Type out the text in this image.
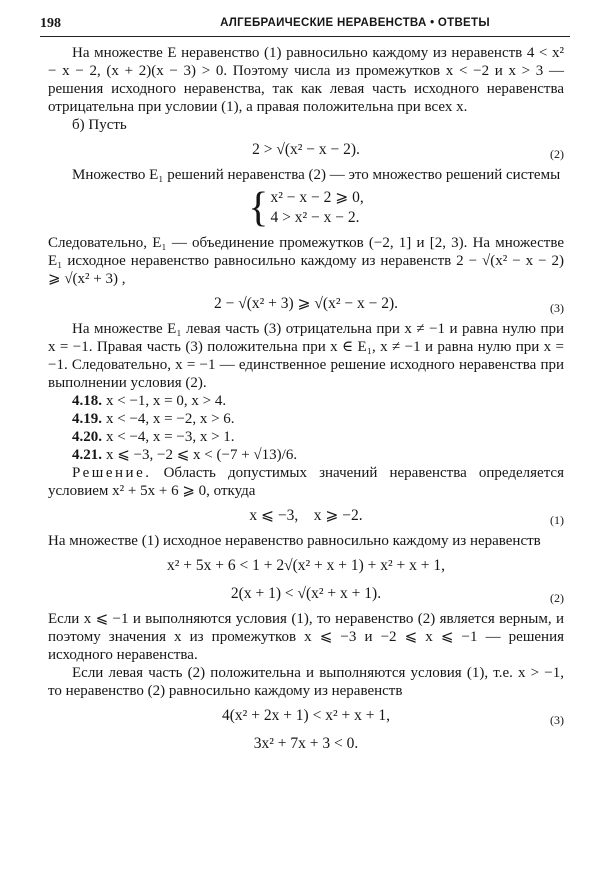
198	АЛГЕБРАИЧЕСКИЕ НЕРАВЕНСТВА • ОТВЕТЫ

На множестве E неравенство (1) равносильно каждому из неравенств 4 < x² − x − 2, (x + 2)(x − 3) > 0. Поэтому числа из промежутков x < −2 и x > 3 — решения исходного неравенства, так как левая часть исходного неравенства отрицательна при условии (1), а правая положительна при всех x.

б) Пусть

2 > √(x² − x − 2).	(2)

Множество E₁ решений неравенства (2) — это множество решений системы

{ x² − x − 2 ⩾ 0,
4 > x² − x − 2.

Следовательно, E₁ — объединение промежутков (−2, 1] и [2, 3). На множестве E₁ исходное неравенство равносильно каждому из неравенств 2 − √(x² − x − 2) ⩾ √(x² + 3) ,

2 − √(x² + 3) ⩾ √(x² − x − 2).	(3)

На множестве E₁ левая часть (3) отрицательна при x ≠ −1 и равна нулю при x = −1. Правая часть (3) положительна при x ∈ E₁, x ≠ −1 и равна нулю при x = −1. Следовательно, x = −1 — единственное решение исходного неравенства при выполнении условия (2).

4.18. x < −1, x = 0, x > 4.
4.19. x < −4, x = −2, x > 6.
4.20. x < −4, x = −3, x > 1.
4.21. x ⩽ −3, −2 ⩽ x < (−7 + √13)/6.

Решение. Область допустимых значений неравенства определяется условием x² + 5x + 6 ⩾ 0, откуда

x ⩽ −3,    x ⩾ −2.	(1)

На множестве (1) исходное неравенство равносильно каждому из неравенств

x² + 5x + 6 < 1 + 2√(x² + x + 1) + x² + x + 1,
2(x + 1) < √(x² + x + 1).	(2)

Если x ⩽ −1 и выполняются условия (1), то неравенство (2) является верным, и поэтому значения x из промежутков x ⩽ −3 и −2 ⩽ x ⩽ −1 — решения исходного неравенства.

Если левая часть (2) положительна и выполняются условия (1), т.е. x > −1, то неравенство (2) равносильно каждому из неравенств

4(x² + 2x + 1) < x² + x + 1,	(3)
3x² + 7x + 3 < 0.
